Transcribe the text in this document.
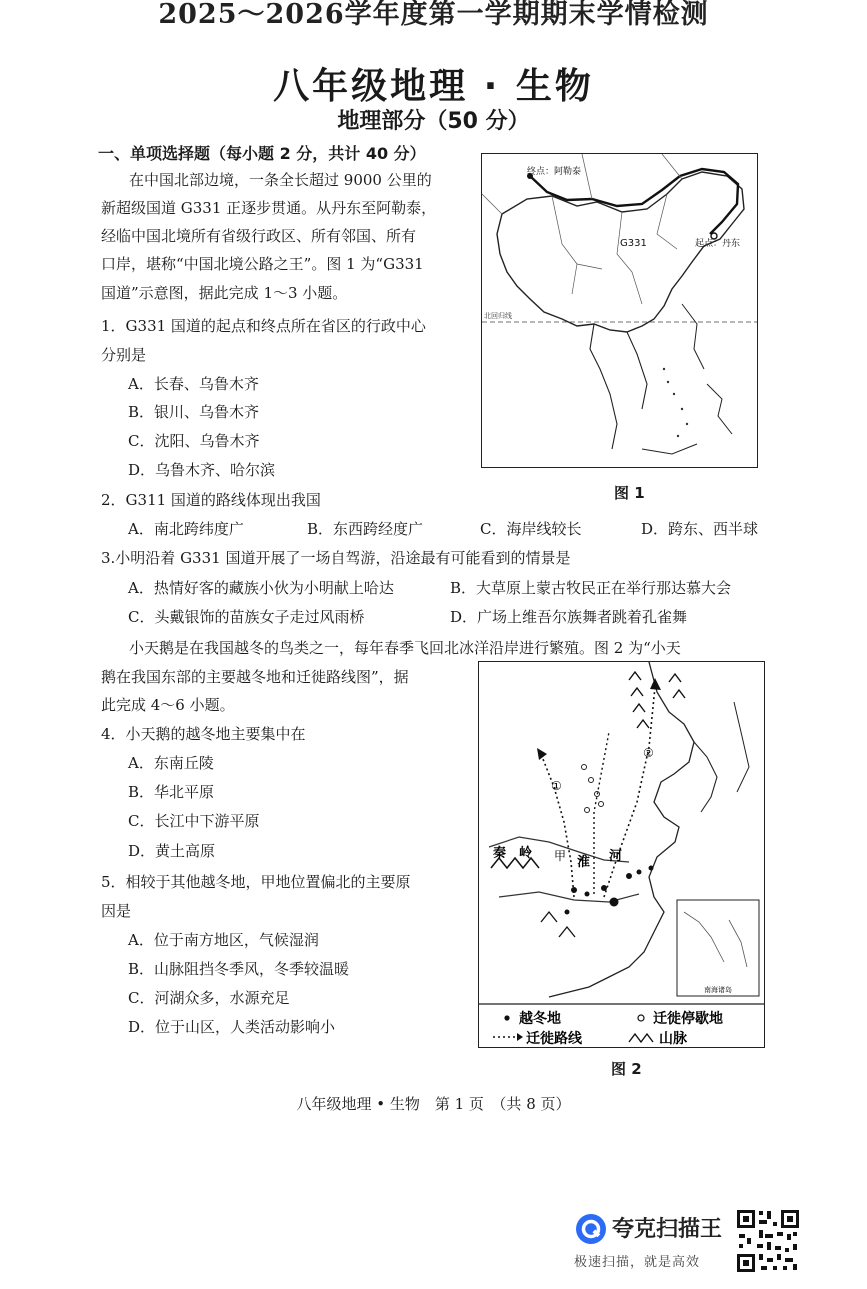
2025～2026学年度第一学期期末学情检测
八年级地理 · 生物
地理部分（50 分）
一、单项选择题（每小题 2 分，共计 40 分）
在中国北部边境，一条全长超过 9000 公里的
新超级国道 G331 正逐步贯通。从丹东至阿勒泰，
经临中国北境所有省级行政区、所有邻国、所有
口岸，堪称“中国北境公路之王”。图 1 为“G331
国道”示意图，据此完成 1～3 小题。
1．G331 国道的起点和终点所在省区的行政中心
分别是
A．长春、乌鲁木齐
B．银川、乌鲁木齐
C．沈阳、乌鲁木齐
D．乌鲁木齐、哈尔滨
终点：阿勒泰
起点：丹东
G331
北回归线
图 1
2．G311 国道的路线体现出我国
A．南北跨纬度广	B．东西跨经度广	C．海岸线较长	D．跨东、西半球
3.小明沿着 G331 国道开展了一场自驾游，沿途最有可能看到的情景是
A．热情好客的藏族小伙为小明献上哈达	B．大草原上蒙古牧民正在举行那达慕大会
C．头戴银饰的苗族女子走过风雨桥	D．广场上维吾尔族舞者跳着孔雀舞
小天鹅是在我国越冬的鸟类之一，每年春季飞回北冰洋沿岸进行繁殖。图 2 为“小天
鹅在我国东部的主要越冬地和迁徙路线图”，据
此完成 4～6 小题。
4．小天鹅的越冬地主要集中在
A．东南丘陵
B．华北平原
C．长江中下游平原
D．黄土高原
5．相较于其他越冬地，甲地位置偏北的主要原
因是
A．位于南方地区，气候湿润
B．山脉阻挡冬季风，冬季较温暖
C．河湖众多，水源充足
D．位于山区，人类活动影响小
秦 岭
淮 河
甲
①
②
南海诸岛
越冬地	迁徙停歇地
迁徙路线	山脉
图 2
八年级地理 • 生物　第 1 页　（共 8 页）
夸克扫描王
极速扫描，就是高效
